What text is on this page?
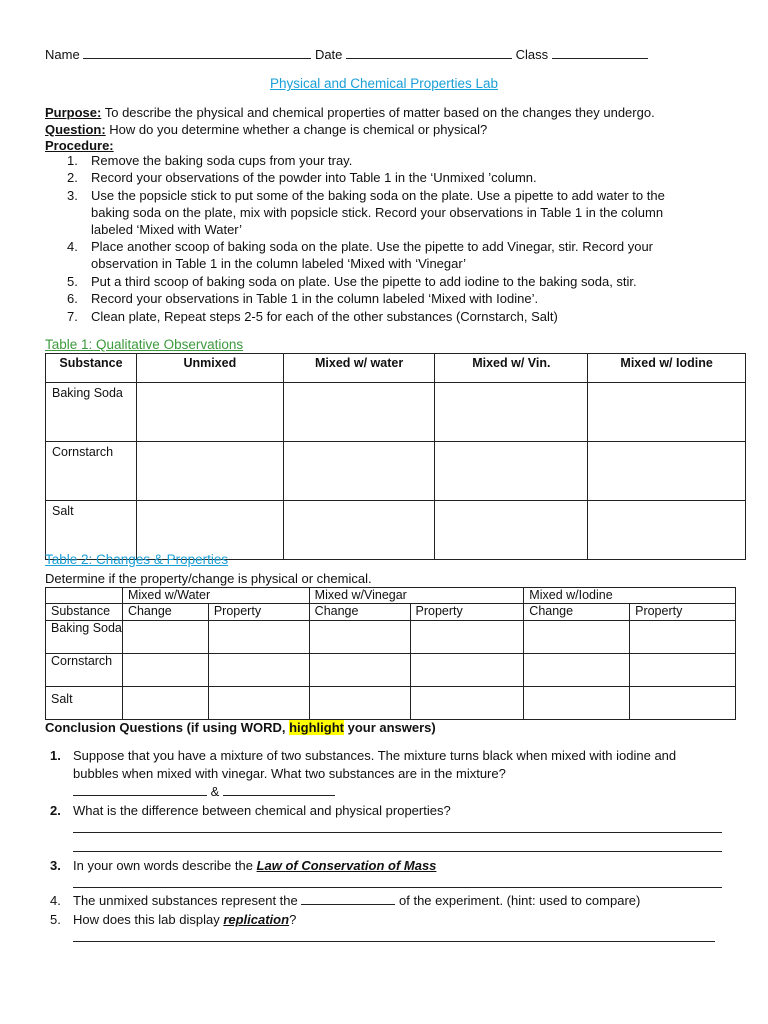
Name	Date	Class
Physical and Chemical Properties Lab
Purpose: To describe the physical and chemical properties of matter based on the changes they undergo.
Question: How do you determine whether a change is chemical or physical?
Procedure:
1. Remove the baking soda cups from your tray.
2. Record your observations of the powder into Table 1 in the ‘Unmixed ’column.
3. Use the popsicle stick to put some of the baking soda on the plate. Use a pipette to add water to the
baking soda on the plate, mix with popsicle stick. Record your observations in Table 1 in the column
labeled ‘Mixed with Water’
4. Place another scoop of baking soda on the plate. Use the pipette to add Vinegar, stir. Record your
observation in Table 1 in the column labeled ‘Mixed with ‘Vinegar’
5. Put a third scoop of baking soda on plate. Use the pipette to add iodine to the baking soda, stir.
6. Record your observations in Table 1 in the column labeled ‘Mixed with Iodine’.
7. Clean plate, Repeat steps 2-5 for each of the other substances (Cornstarch, Salt)
Table 1: Qualitative Observations
Substance	Unmixed	Mixed w/ water	Mixed w/ Vin.	Mixed w/ Iodine
Baking Soda				
Cornstarch				
Salt				
Table 2: Changes & Properties
Determine if the property/change is physical or chemical.
	Mixed w/Water		Mixed w/Vinegar		Mixed w/Iodine	
Substance	Change	Property	Change	Property	Change	Property
Baking Soda						
Cornstarch						
Salt						
Conclusion Questions (if using WORD, highlight your answers)
1. Suppose that you have a mixture of two substances. The mixture turns black when mixed with iodine and
bubbles when mixed with vinegar. What two substances are in the mixture?
&
2. What is the difference between chemical and physical properties?
3. In your own words describe the Law of Conservation of Mass
4. The unmixed substances represent the	of the experiment. (hint: used to compare)
5. How does this lab display replication?
